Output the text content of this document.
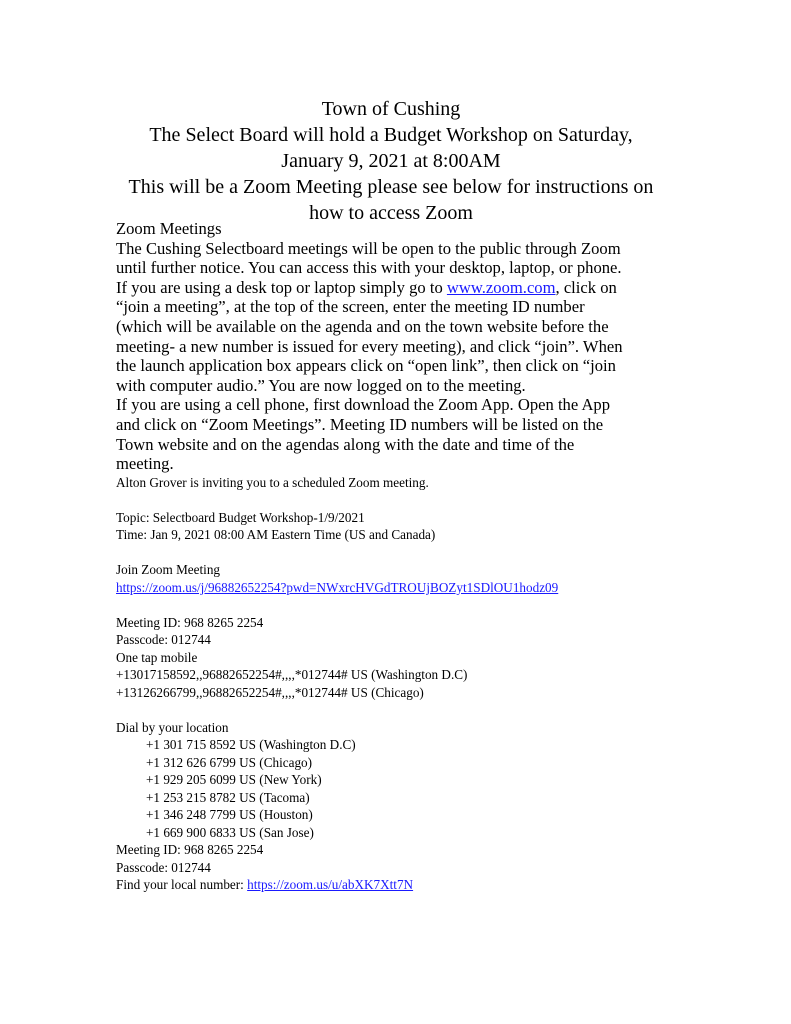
Town of Cushing
The Select Board will hold a Budget Workshop on Saturday,
January 9, 2021 at 8:00AM
This will be a Zoom Meeting please see below for instructions on
how to access Zoom
Zoom Meetings
The Cushing Selectboard meetings will be open to the public through Zoom
until further notice. You can access this with your desktop, laptop, or phone.
If you are using a desk top or laptop simply go to www.zoom.com, click on
“join a meeting”, at the top of the screen, enter the meeting ID number
(which will be available on the agenda and on the town website before the
meeting- a new number is issued for every meeting), and click “join”. When
the launch application box appears click on “open link”, then click on “join
with computer audio.” You are now logged on to the meeting.
If you are using a cell phone, first download the Zoom App. Open the App
and click on “Zoom Meetings”. Meeting ID numbers will be listed on the
Town website and on the agendas along with the date and time of the
meeting.
Alton Grover is inviting you to a scheduled Zoom meeting.
Topic: Selectboard Budget Workshop-1/9/2021
Time: Jan 9, 2021 08:00 AM Eastern Time (US and Canada)
Join Zoom Meeting
https://zoom.us/j/96882652254?pwd=NWxrcHVGdTROUjBOZyt1SDlOU1hodz09
Meeting ID: 968 8265 2254
Passcode: 012744
One tap mobile
+13017158592,,96882652254#,,,,*012744# US (Washington D.C)
+13126266799,,96882652254#,,,,*012744# US (Chicago)
Dial by your location
+1 301 715 8592 US (Washington D.C)
+1 312 626 6799 US (Chicago)
+1 929 205 6099 US (New York)
+1 253 215 8782 US (Tacoma)
+1 346 248 7799 US (Houston)
+1 669 900 6833 US (San Jose)
Meeting ID: 968 8265 2254
Passcode: 012744
Find your local number: https://zoom.us/u/abXK7Xtt7N
